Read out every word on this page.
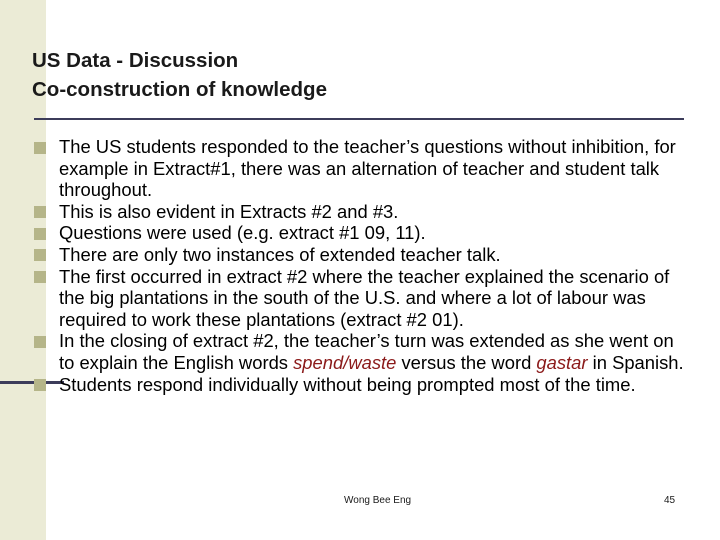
US Data - Discussion
Co-construction of knowledge
The US students responded to the teacher’s questions without inhibition, for example in Extract#1, there was an alternation of teacher and student talk throughout.
This is also evident in Extracts #2 and #3.
Questions were used (e.g. extract #1 09, 11).
There are only two instances of extended teacher talk.
The first occurred in extract #2 where the teacher explained the scenario of the big plantations in the south of the U.S. and where a lot of labour was required to work these plantations (extract #2 01).
In the closing of extract #2, the teacher’s turn was extended as she went on to explain the English words spend/waste versus the word gastar in Spanish.
Students respond individually without being prompted most of the time.
Wong Bee Eng	45
